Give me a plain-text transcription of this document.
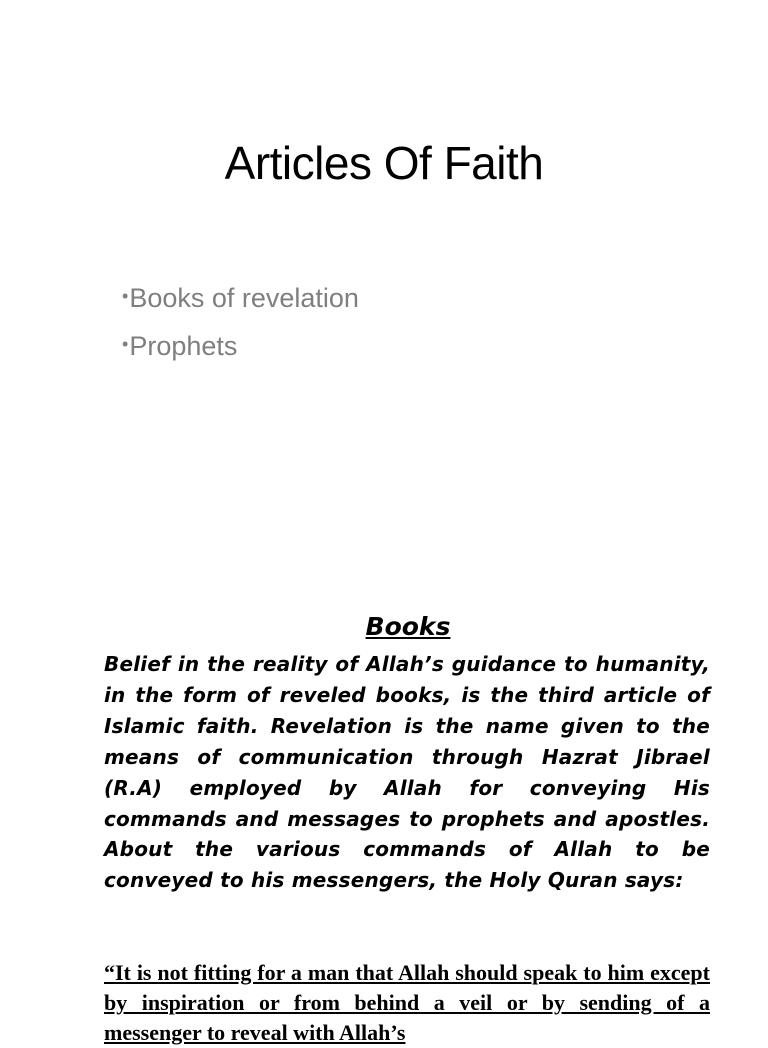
Articles Of Faith
•Books of revelation
•Prophets
Books

Belief in the reality of Allah’s guidance to humanity, in the form of reveled books, is the third article of Islamic faith. Revelation is the name given to the means of communication through Hazrat Jibrael (R.A) employed by Allah for conveying His commands and messages to prophets and apostles. About the various commands of Allah to be conveyed to his messengers, the Holy Quran says:

“It is not fitting for a man that Allah should speak to him except by inspiration or from behind a veil or by sending of a messenger to reveal with Allah’s
